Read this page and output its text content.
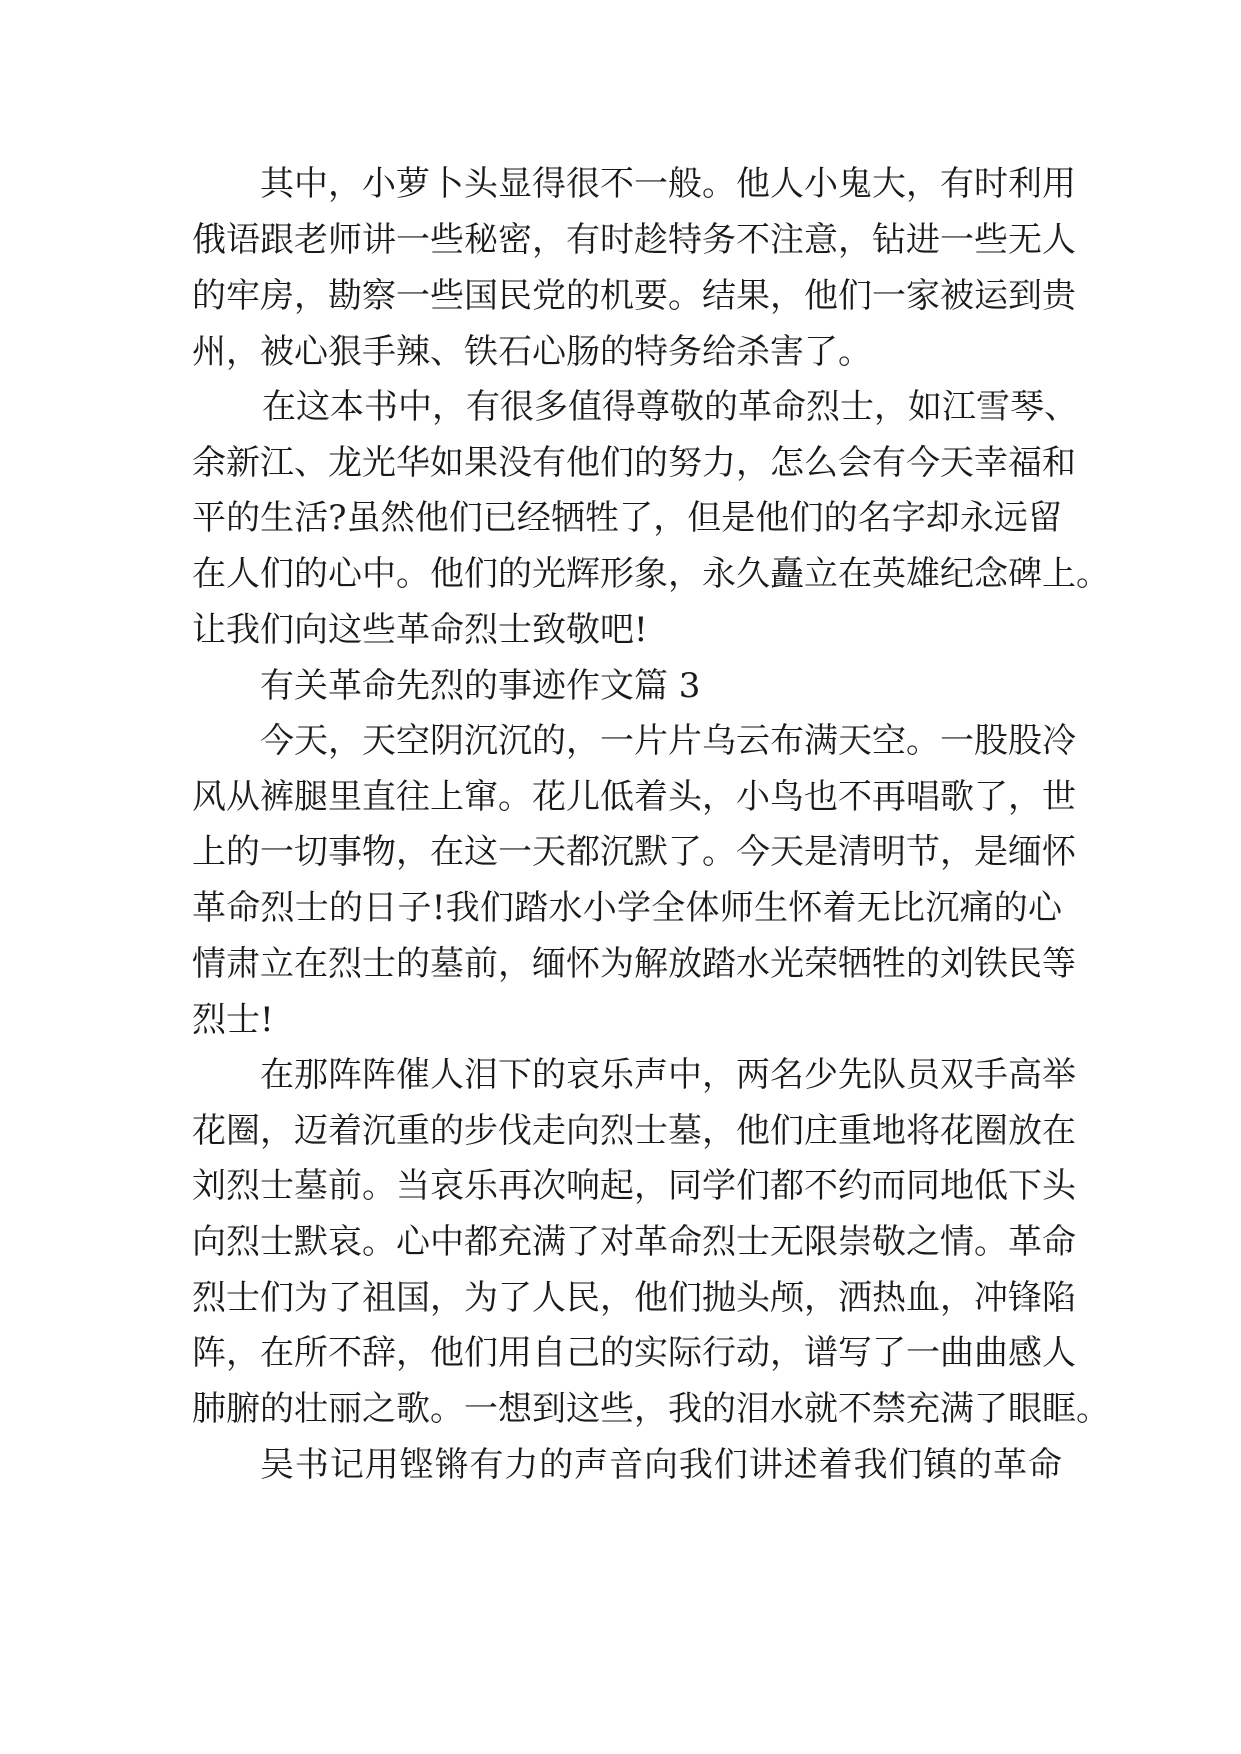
其中，小萝卜头显得很不一般。他人小鬼大，有时利用
俄语跟老师讲一些秘密，有时趁特务不注意，钻进一些无人
的牢房，勘察一些国民党的机要。结果，他们一家被运到贵
州，被心狠手辣、铁石心肠的特务给杀害了。
在这本书中，有很多值得尊敬的革命烈士，如江雪琴、
余新江、龙光华如果没有他们的努力，怎么会有今天幸福和
平的生活?虽然他们已经牺牲了，但是他们的名字却永远留
在人们的心中。他们的光辉形象，永久矗立在英雄纪念碑上。
让我们向这些革命烈士致敬吧!
有关革命先烈的事迹作文篇 3
今天，天空阴沉沉的，一片片乌云布满天空。一股股冷
风从裤腿里直往上窜。花儿低着头，小鸟也不再唱歌了，世
上的一切事物，在这一天都沉默了。今天是清明节，是缅怀
革命烈士的日子!我们踏水小学全体师生怀着无比沉痛的心
情肃立在烈士的墓前，缅怀为解放踏水光荣牺牲的刘铁民等
烈士!
在那阵阵催人泪下的哀乐声中，两名少先队员双手高举
花圈，迈着沉重的步伐走向烈士墓，他们庄重地将花圈放在
刘烈士墓前。当哀乐再次响起，同学们都不约而同地低下头
向烈士默哀。心中都充满了对革命烈士无限崇敬之情。革命
烈士们为了祖国，为了人民，他们抛头颅，洒热血，冲锋陷
阵，在所不辞，他们用自己的实际行动，谱写了一曲曲感人
肺腑的壮丽之歌。一想到这些，我的泪水就不禁充满了眼眶。
吴书记用铿锵有力的声音向我们讲述着我们镇的革命
